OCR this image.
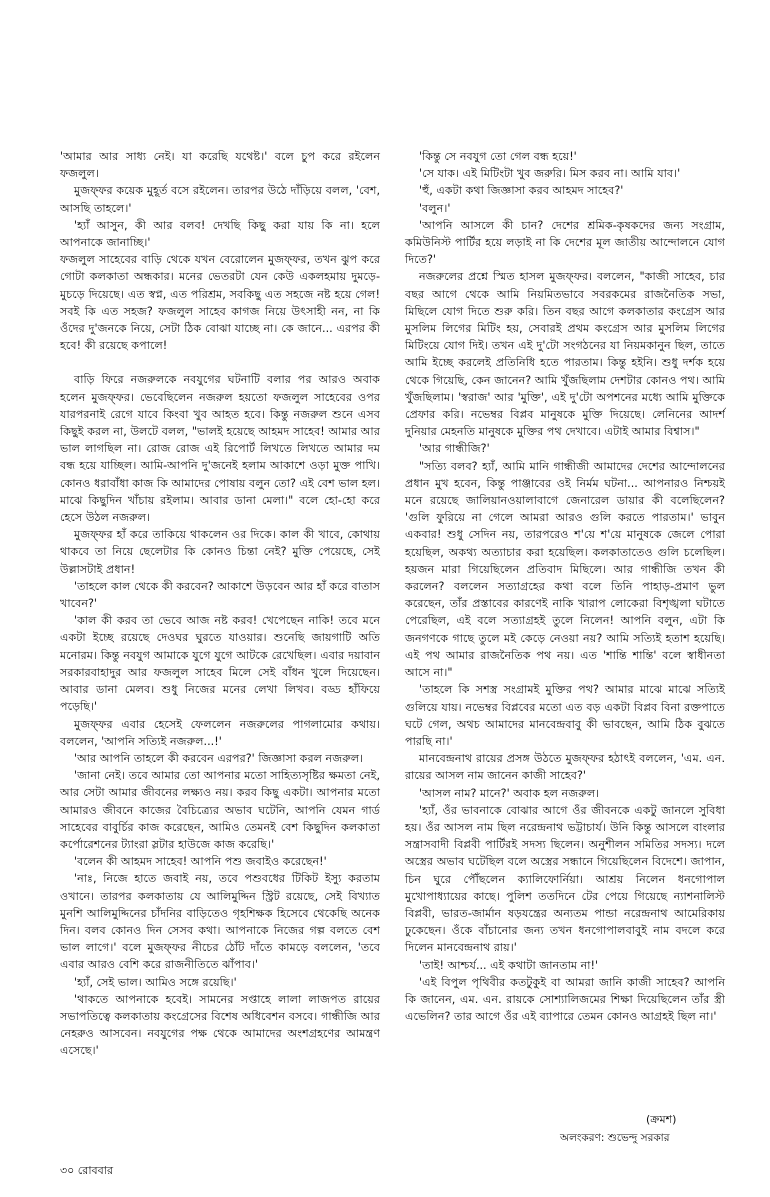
'আমার আর সাধ্য নেই। যা করেছি যথেষ্ট।' বলে চুপ করে রইলেন ফজলুল।

মুজফ্ফর কয়েক মুহূর্ত বসে রইলেন। তারপর উঠে দাঁড়িয়ে বলল, 'বেশ, আসছি তাহলে।'

'হ্যাঁ আসুন, কী আর বলব! দেখছি কিছু করা যায় কি না। হলে আপনাকে জানাচ্ছি।'

ফজলুল সাহেবের বাড়ি থেকে যখন বেরোলেন মুজফ্ফর, তখন ঝুপ করে গোটা কলকাতা অন্ধকার। মনের ভেতরটা যেন কেউ একলহমায় দুমড়ে-মুচড়ে দিয়েছে। এত স্বপ্ন, এত পরিশ্রম, সবকিছু এত সহজে নষ্ট হয়ে গেল! সবই কি এত সহজ? ফজলুল সাহেব কাগজ নিয়ে উৎসাহী নন, না কি ওঁদের দু'জনকে নিয়ে, সেটা ঠিক বোঝা যাচ্ছে না। কে জানে... এরপর কী হবে! কী রয়েছে কপালে!

বাড়ি ফিরে নজরুলকে নবযুগের ঘটনাটি বলার পর আরও অবাক হলেন মুজফ্ফর। ভেবেছিলেন নজরুল হয়তো ফজলুল সাহেবের ওপর যারপরনাই রেগে যাবে কিংবা খুব আহত হবে। কিন্তু নজরুল শুনে এসব কিছুই করল না, উলটে বলল, "ভালই হয়েছে আহমদ সাহেব! আমার আর ভাল লাগছিল না। রোজ রোজ এই রিপোর্ট লিখতে লিখতে আমার দম বন্ধ হয়ে যাচ্ছিল। আমি-আপনি দু'জনেই হলাম আকাশে ওড়া মুক্ত পাখি। কোনও ধরাবাঁধা কাজ কি আমাদের পোষায় বলুন তো? এই বেশ ভাল হল। মাঝে কিছুদিন খাঁচায় রইলাম। আবার ডানা মেলা।" বলে হো-হো করে হেসে উঠল নজরুল।

মুজফ্ফর হাঁ করে তাকিয়ে থাকলেন ওর দিকে। কাল কী খাবে, কোথায় থাকবে তা নিয়ে ছেলেটার কি কোনও চিন্তা নেই? মুক্তি পেয়েছে, সেই উল্লাসটাই প্রধান!

'তাহলে কাল থেকে কী করবেন? আকাশে উড়বেন আর হাঁ করে বাতাস খাবেন?'

'কাল কী করব তা ভেবে আজ নষ্ট করব! খেপেছেন নাকি! তবে মনে একটা ইচ্ছে রয়েছে দেওঘর ঘুরতে যাওয়ার। শুনেছি জায়গাটি অতি মনোরম। কিন্তু নবযুগ আমাকে যুগে যুগে আটকে রেখেছিল। এবার দয়াবান সরকারবাহাদুর আর ফজলুল সাহেব মিলে সেই বাঁধন খুলে দিয়েছেন। আবার ডানা মেলব। শুধু নিজের মনের লেখা লিখব। বড্ড হাঁফিয়ে পড়েছি।'

মুজফ্ফর এবার হেসেই ফেললেন নজরুলের পাগলামোর কথায়। বললেন, 'আপনি সত্যিই নজরুল...!'

'আর আপনি তাহলে কী করবেন এরপর?' জিজ্ঞাসা করল নজরুল।

'জানা নেই। তবে আমার তো আপনার মতো সাহিত্যসৃষ্টির ক্ষমতা নেই, আর সেটা আমার জীবনের লক্ষ্যও নয়। করব কিছু একটা। আপনার মতো আমারও জীবনে কাজের বৈচিত্র্যের অভাব ঘটেনি, আপনি যেমন গার্ড সাহেবের বাবুর্চির কাজ করেছেন, আমিও তেমনই বেশ কিছুদিন কলকাতা কর্পোরেশনের ট্যাংরা স্লটার হাউজে কাজ করেছি।'

'বলেন কী আহমদ সাহেব! আপনি পশু জবাইও করেছেন!'

'নাঃ, নিজে হাতে জবাই নয়, তবে পশুবধের টিকিট ইস্যু করতাম ওখানে। তারপর কলকাতায় যে আলিমুদ্দিন স্ট্রিট রয়েছে, সেই বিখ্যাত মুনশি আলিমুদ্দিনের চাঁদনির বাড়িতেও গৃহশিক্ষক হিসেবে থেকেছি অনেক দিন। বলব কোনও দিন সেসব কথা। আপনাকে নিজের গল্প বলতে বেশ ভাল লাগে।' বলে মুজফ্ফর নীচের ঠোঁট দাঁতে কামড়ে বললেন, 'তবে এবার আরও বেশি করে রাজনীতিতে ঝাঁপাব।'

'হ্যাঁ, সেই ভাল। আমিও সঙ্গে রয়েছি।'

'থাকতে আপনাকে হবেই। সামনের সপ্তাহে লালা লাজপত রায়ের সভাপতিত্বে কলকাতায় কংগ্রেসের বিশেষ অধিবেশন বসবে। গান্ধীজি আর নেহরুও আসবেন। নবযুগের পক্ষ থেকে আমাদের অংশগ্রহণের আমন্ত্রণ এসেছে।'

'কিন্তু সে নবযুগ তো গেল বন্ধ হয়ে!'

'সে যাক। এই মিটিংটা খুব জরুরি। মিস করব না। আমি যাব।'

'হুঁ, একটা কথা জিজ্ঞাসা করব আহমদ সাহেব?'

'বলুন।'

'আপনি আসলে কী চান? দেশের শ্রমিক-কৃষকদের জন্য সংগ্রাম, কমিউনিস্ট পার্টির হয়ে লড়াই না কি দেশের মূল জাতীয় আন্দোলনে যোগ দিতে?'

নজরুলের প্রশ্নে স্মিত হাসল মুজফ্ফর। বললেন, "কাজী সাহেব, চার বছর আগে থেকে আমি নিয়মিতভাবে সবরকমের রাজনৈতিক সভা, মিছিলে যোগ দিতে শুরু করি। তিন বছর আগে কলকাতার কংগ্রেস আর মুসলিম লিগের মিটিং হয়, সেবারই প্রথম কংগ্রেস আর মুসলিম লিগের মিটিংয়ে যোগ দিই। তখন এই দু'টো সংগঠনের যা নিয়মকানুন ছিল, তাতে আমি ইচ্ছে করলেই প্রতিনিধি হতে পারতাম। কিন্তু হইনি। শুধু দর্শক হয়ে থেকে গিয়েছি, কেন জানেন? আমি খুঁজছিলাম দেশটার কোনও পথ। আমি খুঁজছিলাম। 'স্বরাজ' আর 'মুক্তি', এই দু'টো অপশনের মধ্যে আমি মুক্তিকে প্রেফার করি। নভেম্বর বিপ্লব মানুষকে মুক্তি দিয়েছে। লেনিনের আদর্শ দুনিয়ার মেহনতি মানুষকে মুক্তির পথ দেখাবে। এটাই আমার বিশ্বাস।"

'আর গান্ধীজি?'

"সত্যি বলব? হ্যাঁ, আমি মানি গান্ধীজী আমাদের দেশের আন্দোলনের প্রধান মুখ হবেন, কিন্তু পাঞ্জাবের ওই নির্মম ঘটনা... আপনারও নিশ্চয়ই মনে রয়েছে জালিয়ানওয়ালাবাগে জেনারেল ডায়ার কী বলেছিলেন? 'গুলি ফুরিয়ে না গেলে আমরা আরও গুলি করতে পারতাম।' ভাবুন একবার! শুধু সেদিন নয়, তারপরেও শ'য়ে শ'য়ে মানুষকে জেলে পোরা হয়েছিল, অকথ্য অত্যাচার করা হয়েছিল। কলকাতাতেও গুলি চলেছিল। হয়জন মারা গিয়েছিলেন প্রতিবাদ মিছিলে। আর গান্ধীজি তখন কী করলেন? বললেন সত্যাগ্রহের কথা বলে তিনি পাহাড়-প্রমাণ ভুল করেছেন, তাঁর প্রস্তাবের কারণেই নাকি খারাপ লোকেরা বিশৃঙ্খলা ঘটাতে পেরেছিল, এই বলে সত্যাগ্রহই তুলে নিলেন! আপনি বলুন, এটা কি জনগণকে গাছে তুলে মই কেড়ে নেওয়া নয়? আমি সত্যিই হতাশ হয়েছি। এই পথ আমার রাজনৈতিক পথ নয়। এত 'শান্তি শান্তি' বলে স্বাধীনতা আসে না।"

'তাহলে কি সশস্ত্র সংগ্রামই মুক্তির পথ? আমার মাঝে মাঝে সত্যিই গুলিয়ে যায়। নভেম্বর বিপ্লবের মতো এত বড় একটা বিপ্লব বিনা রক্তপাতে ঘটে গেল, অথচ আমাদের মানবেন্দ্রবাবু কী ভাবছেন, আমি ঠিক বুঝতে পারছি না।'

মানবেন্দ্রনাথ রায়ের প্রসঙ্গ উঠতে মুজফ্ফর হঠাৎই বললেন, 'এম. এন. রায়ের আসল নাম জানেন কাজী সাহেব?'

'আসল নাম? মানে?' অবাক হল নজরুল।

'হ্যাঁ, ওঁর ভাবনাকে বোঝার আগে ওঁর জীবনকে একটু জানলে সুবিধা হয়। ওঁর আসল নাম ছিল নরেন্দ্রনাথ ভট্টাচার্য। উনি কিন্তু আসলে বাংলার সন্ত্রাসবাদী বিপ্লবী পার্টিরই সদস্য ছিলেন। অনুশীলন সমিতির সদস্য। দলে অস্ত্রের অভাব ঘটেছিল বলে অস্ত্রের সন্ধানে গিয়েছিলেন বিদেশে। জাপান, চিন ঘুরে পৌঁছলেন ক্যালিফোর্নিয়া। আশ্রয় নিলেন ধনগোপাল মুখোপাধ্যায়ের কাছে। পুলিশ ততদিনে টের পেয়ে গিয়েছে ন্যাশনালিস্ট বিপ্লবী, ভারত-জার্মান ষড়যন্ত্রের অন্যতম পান্ডা নরেন্দ্রনাথ আমেরিকায় ঢুকেছেন। ওঁকে বাঁচানোর জন্য তখন ধনগোপালবাবুই নাম বদলে করে দিলেন মানবেন্দ্রনাথ রায়।'

'তাই! আশ্চর্য... এই কথাটা জানতাম না!'

'এই বিপুল পৃথিবীর কতটুকুই বা আমরা জানি কাজী সাহেব? আপনি কি জানেন, এম. এন. রায়কে সোশ্যালিজমের শিক্ষা দিয়েছিলেন তাঁর স্ত্রী এভেলিন? তার আগে ওঁর এই ব্যাপারে তেমন কোনও আগ্রহই ছিল না।'

(ক্রমশ)
অলংকরণ: শুভেন্দু সরকার
৩০ রোববার
